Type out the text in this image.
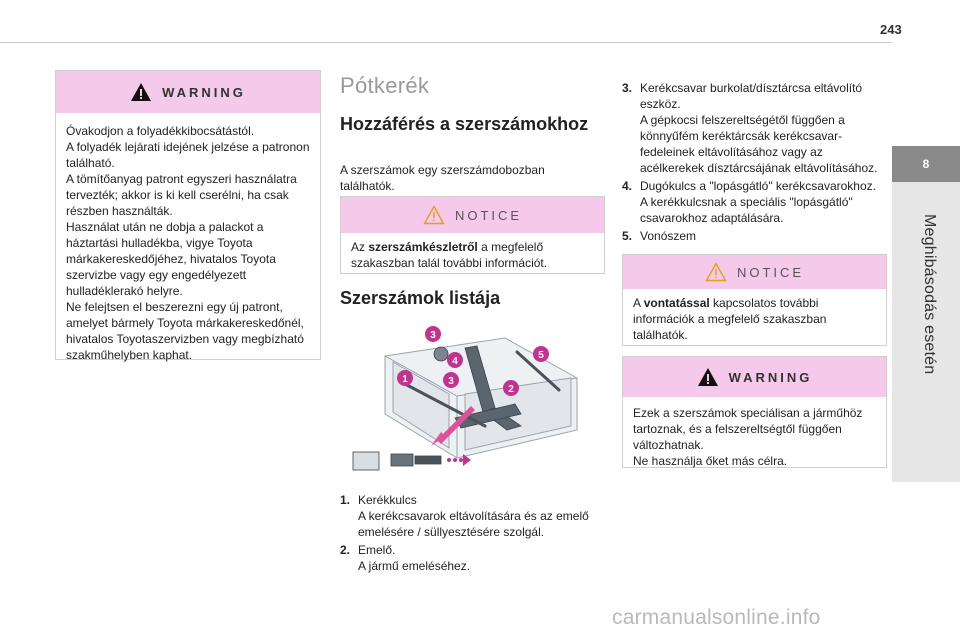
243
8
Meghibásodás esetén
WARNING
Óvakodjon a folyadékkibocsátástól.
A folyadék lejárati idejének jelzése a patronon található.
A tömítőanyag patront egyszeri használatra tervezték; akkor is ki kell cserélni, ha csak részben használták.
Használat után ne dobja a palackot a háztartási hulladékba, vigye Toyota márkakereskedőjéhez, hivatalos Toyota szervizbe vagy egy engedélyezett hulladéklerakó helyre.
Ne felejtsen el beszerezni egy új patront, amelyet bármely Toyota márkakereskedőnél, hivatalos Toyotaszervizben vagy megbízható szakműhelyben kaphat.
Pótkerék
Hozzáférés a szerszámokhoz
A szerszámok egy szerszámdobozban találhatók.
NOTICE
Az szerszámkészletről a megfelelő szakaszban talál további információt.
Szerszámok listája
1
2
3
4
5
3
1. Kerékkulcs
A kerékcsavarok eltávolítására és az emelő emelésére / süllyesztésére szolgál.
2. Emelő.
A jármű emeléséhez.
3. Kerékcsavar burkolat/dísztárcsa eltávolító eszköz.
A gépkocsi felszereltségétől függően a könnyűfém keréktárcsák kerékcsavar-fedeleinek eltávolításához vagy az acélkerekek dísztárcsájának eltávolításához.
4. Dugókulcs a "lopásgátló" kerékcsavarokhoz.
A kerékkulcsnak a speciális "lopásgátló" csavarokhoz adaptálására.
5. Vonószem
NOTICE
A vontatással kapcsolatos további információk a megfelelő szakaszban találhatók.
WARNING
Ezek a szerszámok speciálisan a járműhöz tartoznak, és a felszereltségtől függően változhatnak.
Ne használja őket más célra.
carmanualsonline.info
